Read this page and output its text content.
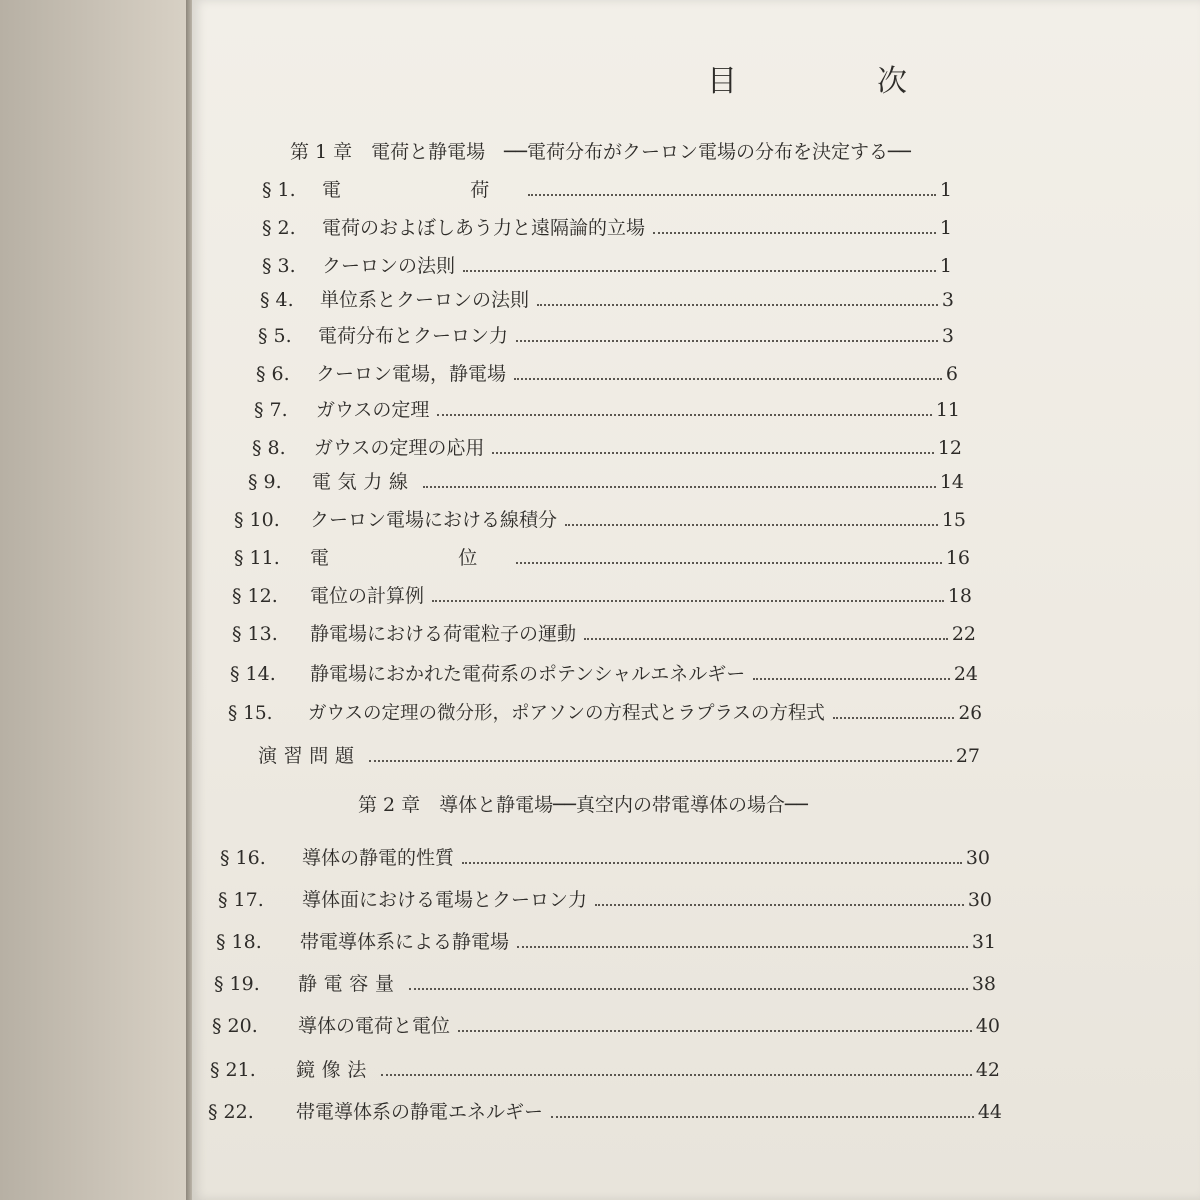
目	次
第 1 章　電荷と静電場　──電荷分布がクーロン電場の分布を決定する──
§ 1.	電　　荷	1
§ 2.	電荷のおよぼしあう力と遠隔論的立場	1
§ 3.	クーロンの法則	1
§ 4.	単位系とクーロンの法則	3
§ 5.	電荷分布とクーロン力	3
§ 6.	クーロン電場，静電場	6
§ 7.	ガウスの定理	11
§ 8.	ガウスの定理の応用	12
§ 9.	電気力線	14
§ 10.	クーロン電場における線積分	15
§ 11.	電　　位	16
§ 12.	電位の計算例	18
§ 13.	静電場における荷電粒子の運動	22
§ 14.	静電場におかれた電荷系のポテンシャルエネルギー	24
§ 15.	ガウスの定理の微分形，ポアソンの方程式とラプラスの方程式	26
演習問題	27
第 2 章　導体と静電場──真空内の帯電導体の場合──
§ 16.	導体の静電的性質	30
§ 17.	導体面における電場とクーロン力	30
§ 18.	帯電導体系による静電場	31
§ 19.	静電容量	38
§ 20.	導体の電荷と電位	40
§ 21.	鏡像法	42
§ 22.	帯電導体系の静電エネルギー	44
